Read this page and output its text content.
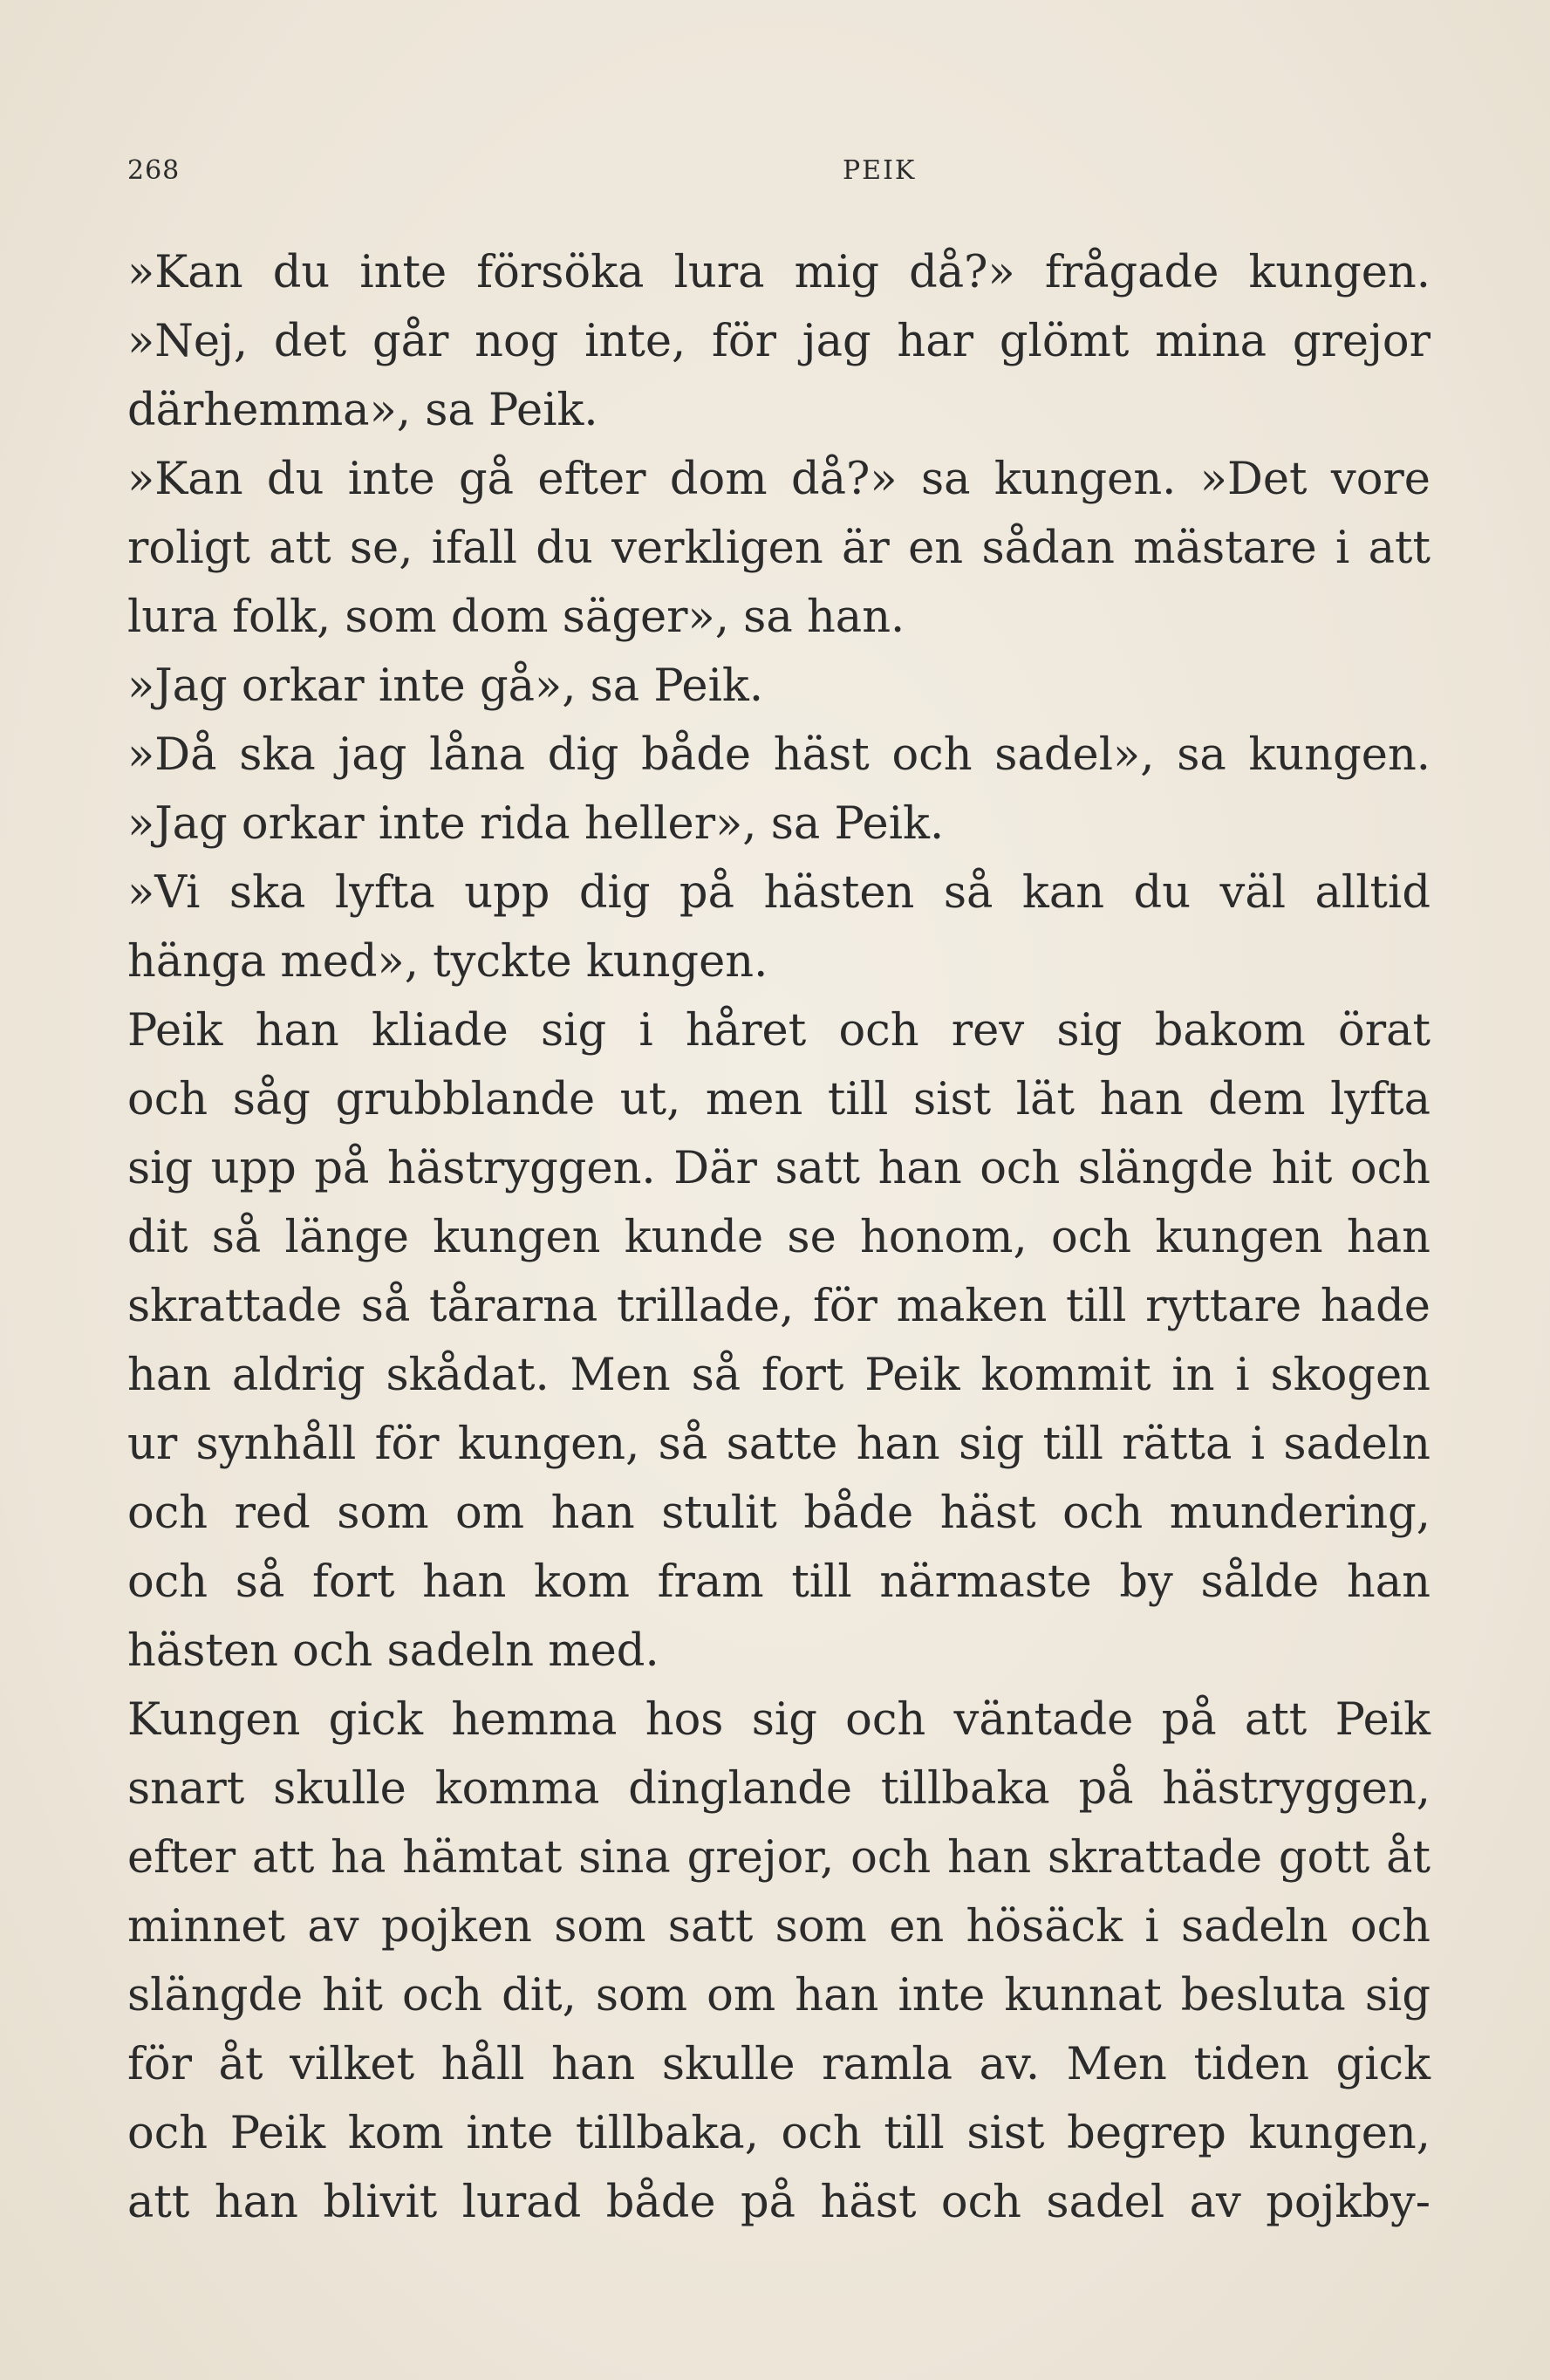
268	PEIK
»Kan du inte försöka lura mig då?» frågade kungen.
»Nej, det går nog inte, för jag har glömt mina grejor
därhemma», sa Peik.
»Kan du inte gå efter dom då?» sa kungen. »Det vore
roligt att se, ifall du verkligen är en sådan mästare i att
lura folk, som dom säger», sa han.
»Jag orkar inte gå», sa Peik.
»Då ska jag låna dig både häst och sadel», sa kungen.
»Jag orkar inte rida heller», sa Peik.
»Vi ska lyfta upp dig på hästen så kan du väl alltid
hänga med», tyckte kungen.
Peik han kliade sig i håret och rev sig bakom örat
och såg grubblande ut, men till sist lät han dem lyfta
sig upp på hästryggen. Där satt han och slängde hit och
dit så länge kungen kunde se honom, och kungen han
skrattade så tårarna trillade, för maken till ryttare hade
han aldrig skådat. Men så fort Peik kommit in i skogen
ur synhåll för kungen, så satte han sig till rätta i sadeln
och red som om han stulit både häst och mundering,
och så fort han kom fram till närmaste by sålde han
hästen och sadeln med.
Kungen gick hemma hos sig och väntade på att Peik
snart skulle komma dinglande tillbaka på hästryggen,
efter att ha hämtat sina grejor, och han skrattade gott åt
minnet av pojken som satt som en hösäck i sadeln och
slängde hit och dit, som om han inte kunnat besluta sig
för åt vilket håll han skulle ramla av. Men tiden gick
och Peik kom inte tillbaka, och till sist begrep kungen,
att han blivit lurad både på häst och sadel av pojkby-
